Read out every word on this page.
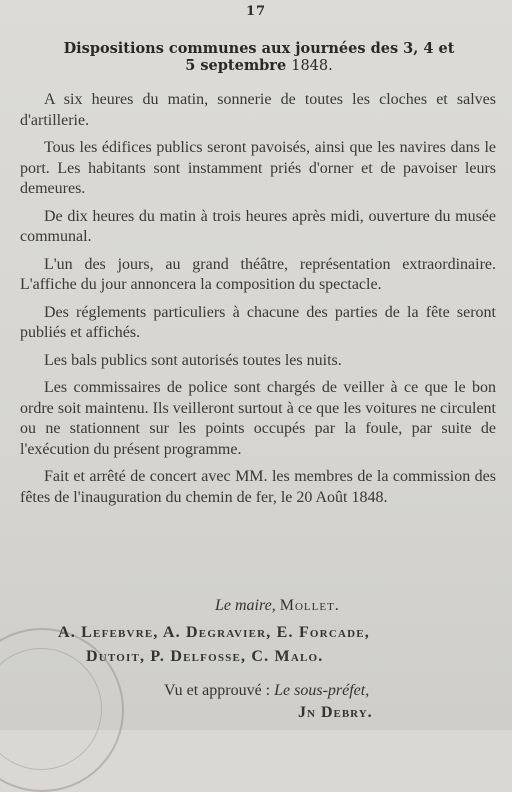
17
Dispositions communes aux journées des 3, 4 et
5 septembre 1848.

A six heures du matin, sonnerie de toutes les cloches et salves d'artillerie.

Tous les édifices publics seront pavoisés, ainsi que les navires dans le port. Les habitants sont instamment priés d'orner et de pavoiser leurs demeures.

De dix heures du matin à trois heures après midi, ouverture du musée communal.

L'un des jours, au grand théâtre, représentation extraordinaire. L'affiche du jour annoncera la composition du spectacle.

Des réglements particuliers à chacune des parties de la fête seront publiés et affichés.

Les bals publics sont autorisés toutes les nuits.

Les commissaires de police sont chargés de veiller à ce que le bon ordre soit maintenu. Ils veilleront surtout à ce que les voitures ne circulent ou ne stationnent sur les points occupés par la foule, par suite de l'exécution du présent programme.

Fait et arrêté de concert avec MM. les membres de la commission des fêtes de l'inauguration du chemin de fer, le 20 Août 1848.

Le maire, Mollet.
A. Lefebvre, A. Degravier, E. Forcade,
Dutoit, P. Delfosse, C. Malo.
Vu et approuvé : Le sous-préfet,
Jn Debry.
